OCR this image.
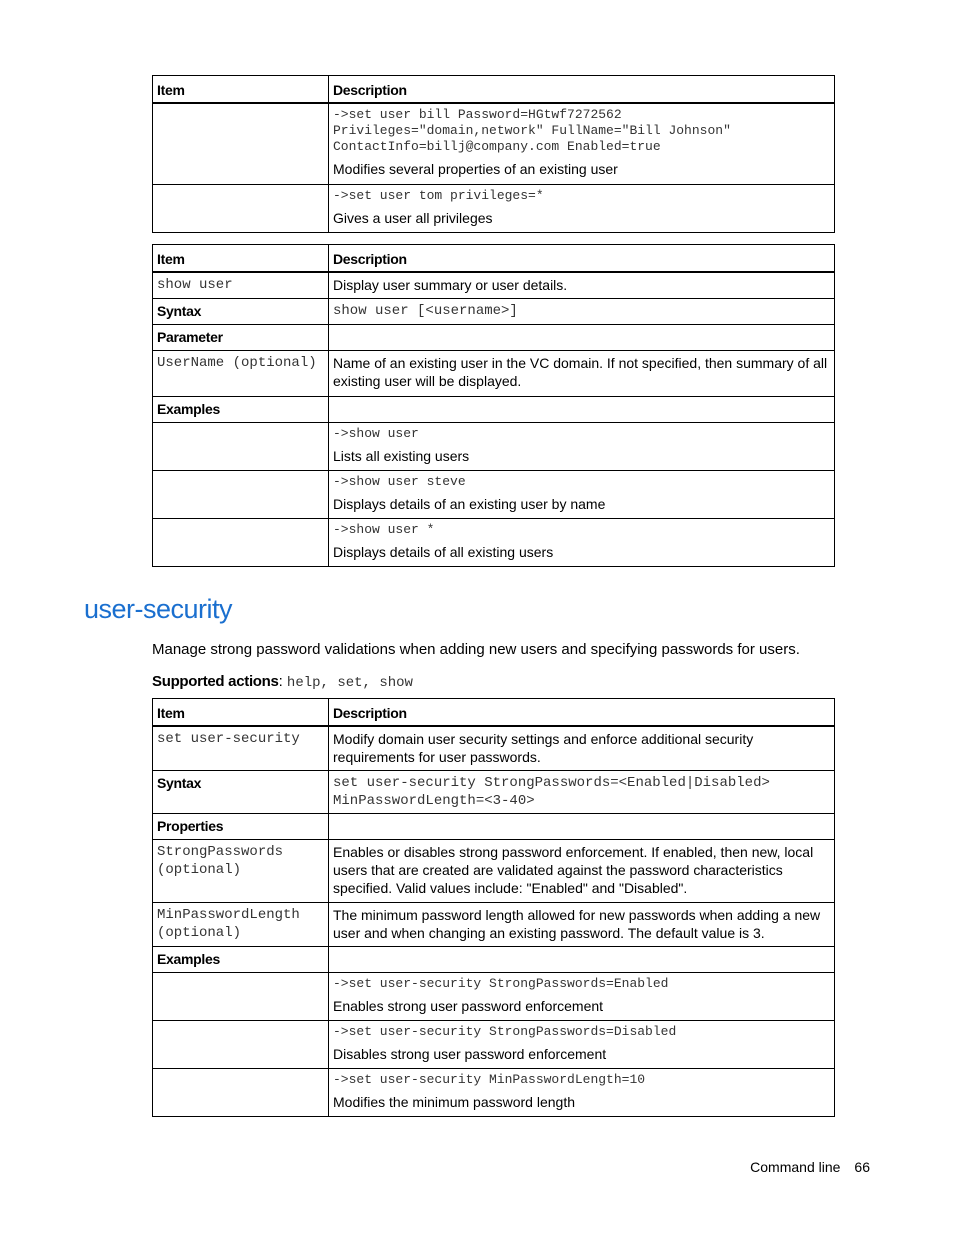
Item	Description

	->set user bill Password=HGtwf7272562
Privileges="domain,network" FullName="Bill Johnson"
ContactInfo=billj@company.com Enabled=true
Modifies several properties of an existing user

	->set user tom privileges=*
Gives a user all privileges
Item	Description
show user	Display user summary or user details.
Syntax	show user [<username>]
Parameter	
UserName (optional)	Name of an existing user in the VC domain. If not specified, then summary of all existing user will be displayed.
Examples	

	->show user
Lists all existing users

	->show user steve
Displays details of an existing user by name

	->show user *
Displays details of all existing users
user-security

Manage strong password validations when adding new users and specifying passwords for users.

Supported actions: help, set, show

Item	Description
set user-security	Modify domain user security settings and enforce additional security requirements for user passwords.
Syntax	set user-security StrongPasswords=<Enabled|Disabled>
MinPasswordLength=<3-40>
Properties	
StrongPasswords
(optional)	Enables or disables strong password enforcement. If enabled, then new, local users that are created are validated against the password characteristics specified. Valid values include: "Enabled" and "Disabled".
MinPasswordLength
(optional)	The minimum password length allowed for new passwords when adding a new user and when changing an existing password. The default value is 3.
Examples	

	->set user-security StrongPasswords=Enabled
Enables strong user password enforcement

	->set user-security StrongPasswords=Disabled
Disables strong user password enforcement

	->set user-security MinPasswordLength=10
Modifies the minimum password length
Command line 66
